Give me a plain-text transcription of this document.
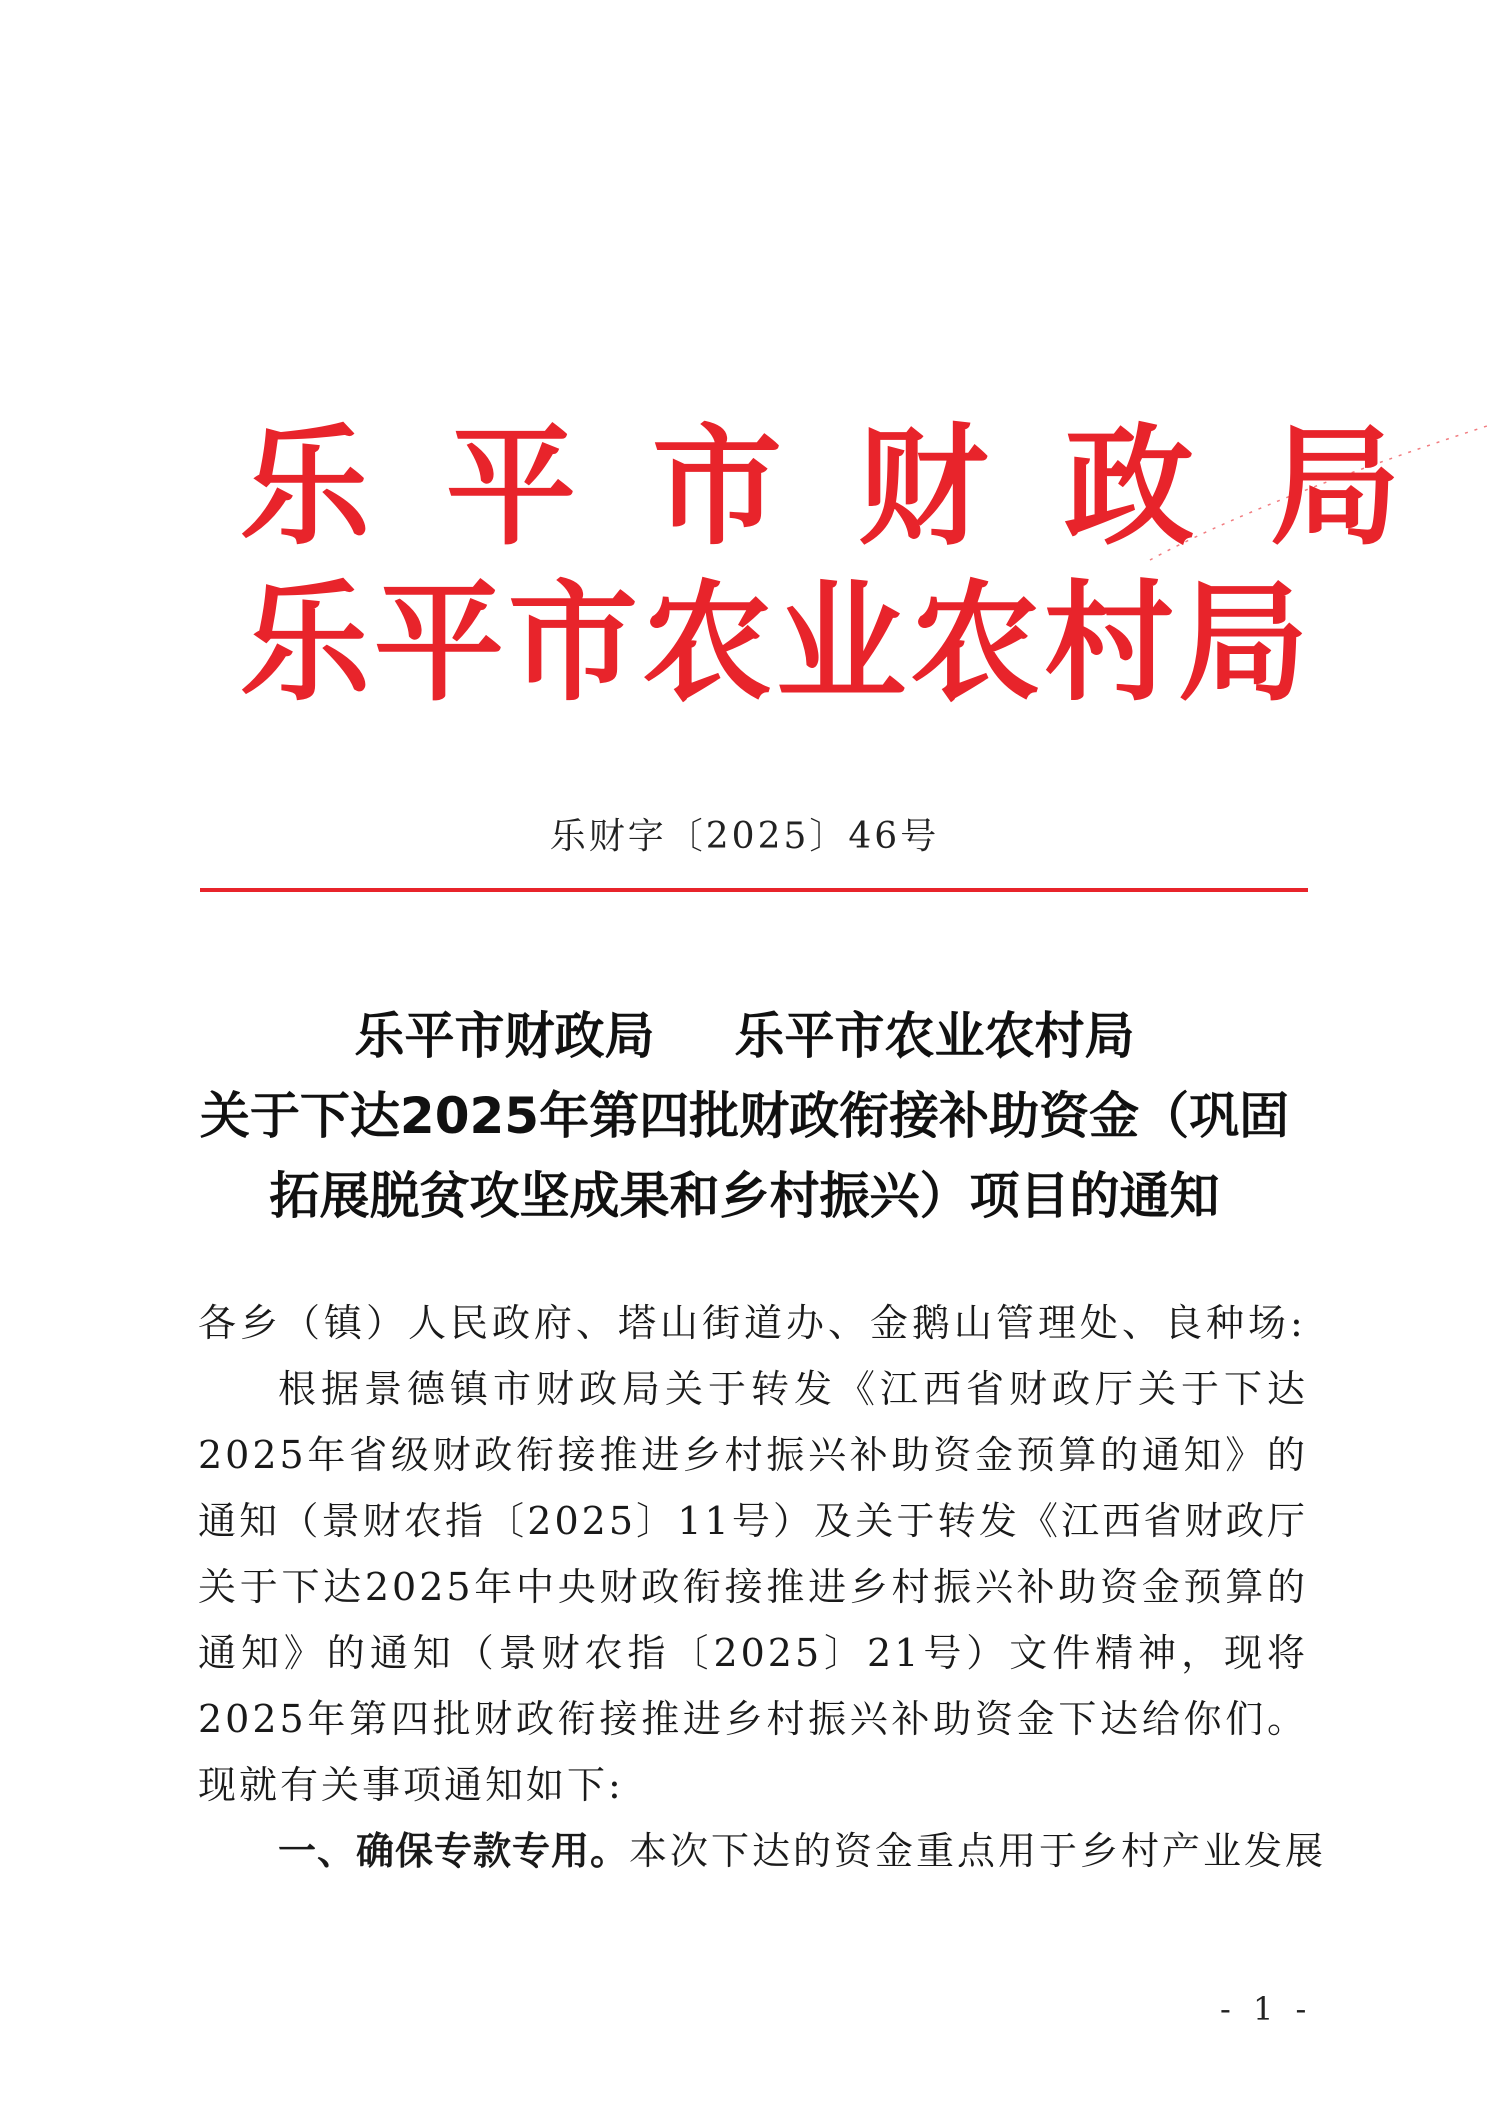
乐平市财政局
乐平市农业农村局
乐财字〔2025〕46号
乐平市财政局 乐平市农业农村局
关于下达2025年第四批财政衔接补助资金（巩固
拓展脱贫攻坚成果和乡村振兴）项目的通知
各乡（镇）人民政府、塔山街道办、金鹅山管理处、良种场:
根据景德镇市财政局关于转发《江西省财政厅关于下达2025年省级财政衔接推进乡村振兴补助资金预算的通知》的通知（景财农指〔2025〕11号）及关于转发《江西省财政厅关于下达2025年中央财政衔接推进乡村振兴补助资金预算的通知》的通知（景财农指〔2025〕21号）文件精神，现将2025年第四批财政衔接推进乡村振兴补助资金下达给你们。现就有关事项通知如下:
一、确保专款专用。本次下达的资金重点用于乡村产业发展
- 1 -
